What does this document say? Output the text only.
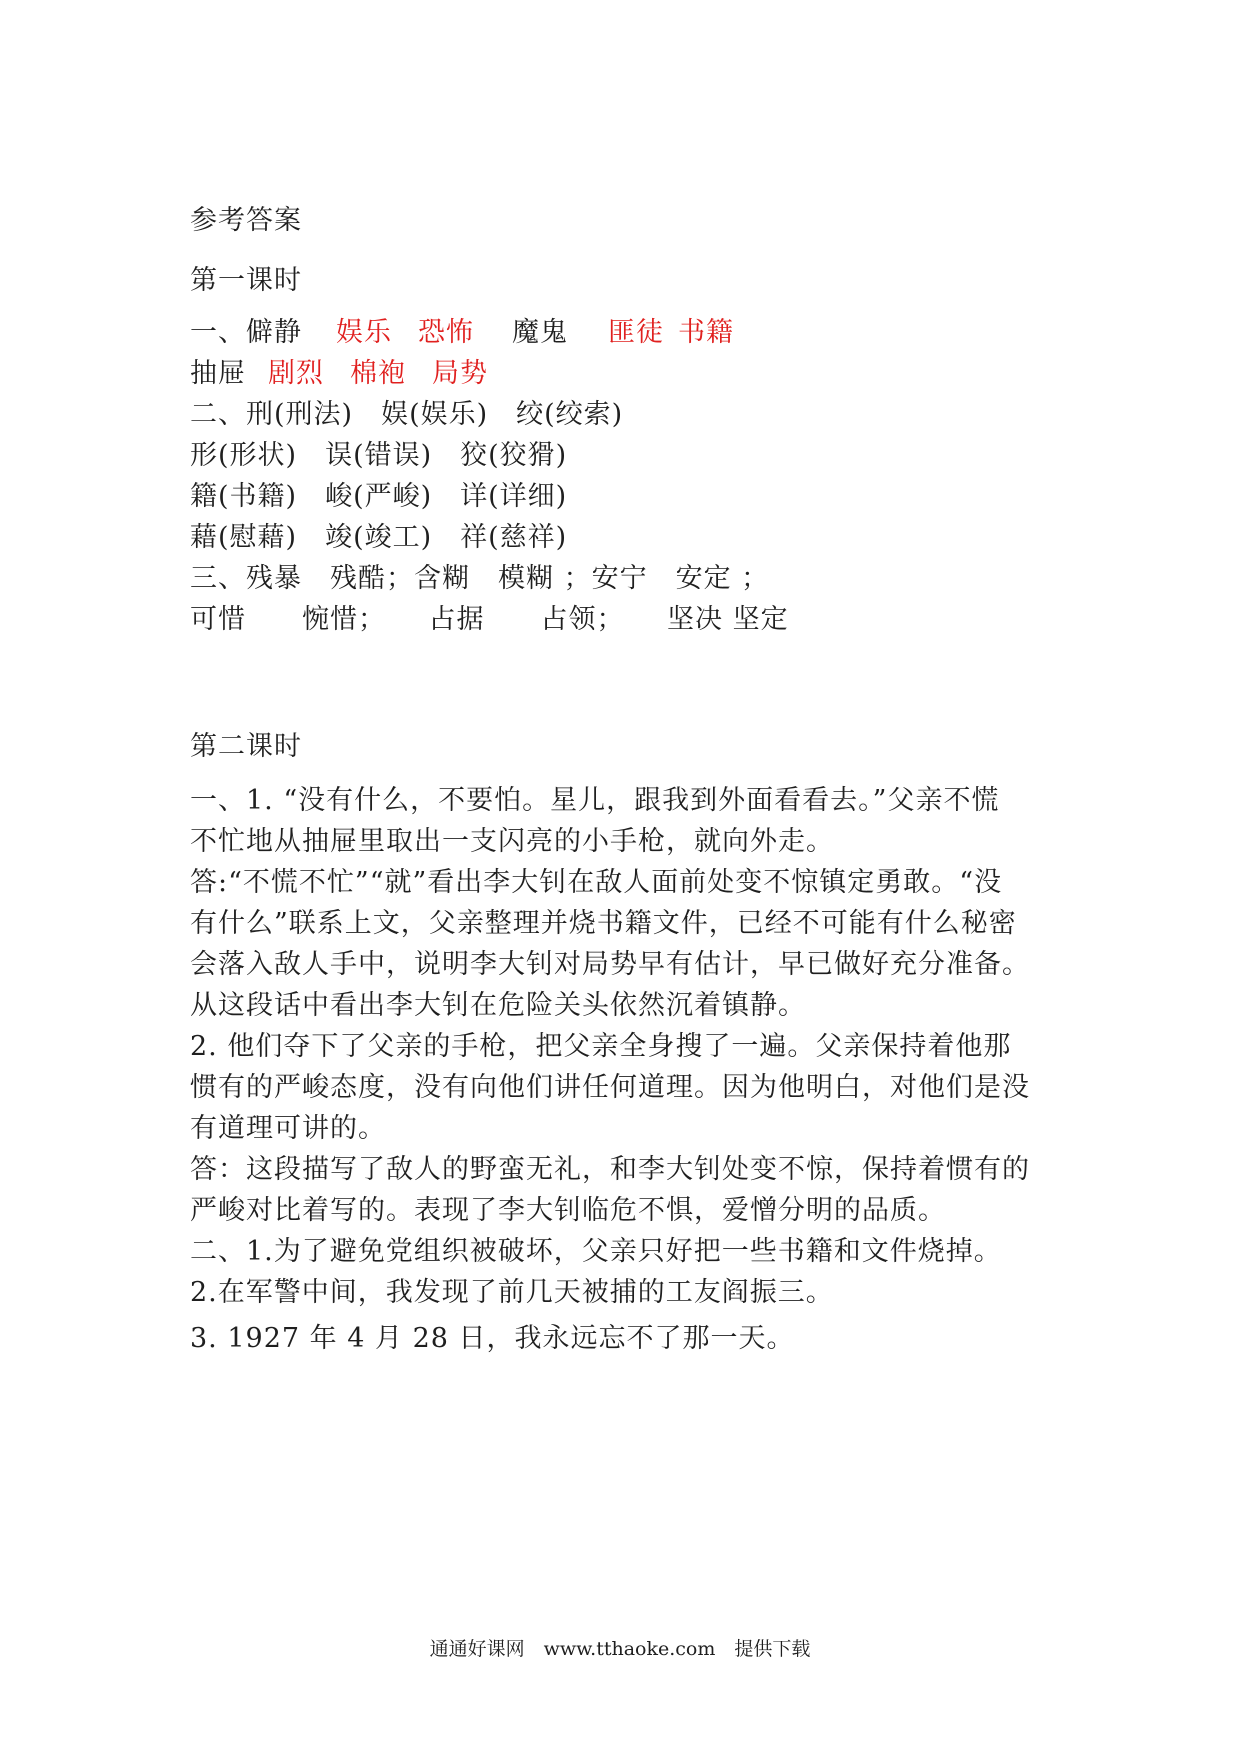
参考答案
第一课时
一、僻静 娱乐 恐怖 魔鬼 匪徒 书籍
抽屉 剧烈 棉袍 局势
二、刑(刑法)　娱(娱乐)　绞(绞索)
形(形状)　误(错误)　狡(狡猾)
籍(书籍)　峻(严峻)　详(详细)
藉(慰藉)　竣(竣工)　祥(慈祥)
三、残暴　残酷；含糊　模糊 ；安宁　安定 ；
可惜　　惋惜；　　占据　　占领；　　坚决 坚定
第二课时
一、1. “没有什么，不要怕。星儿，跟我到外面看看去。”父亲不慌
不忙地从抽屉里取出一支闪亮的小手枪，就向外走。
答:“不慌不忙”“就”看出李大钊在敌人面前处变不惊镇定勇敢。“没
有什么”联系上文，父亲整理并烧书籍文件，已经不可能有什么秘密
会落入敌人手中，说明李大钊对局势早有估计，早已做好充分准备。
从这段话中看出李大钊在危险关头依然沉着镇静。
2. 他们夺下了父亲的手枪，把父亲全身搜了一遍。父亲保持着他那
惯有的严峻态度，没有向他们讲任何道理。因为他明白，对他们是没
有道理可讲的。
答：这段描写了敌人的野蛮无礼，和李大钊处变不惊，保持着惯有的
严峻对比着写的。表现了李大钊临危不惧，爱憎分明的品质。
二、1.为了避免党组织被破坏，父亲只好把一些书籍和文件烧掉。
2.在军警中间，我发现了前几天被捕的工友阎振三。
3. 1927 年 4 月 28 日，我永远忘不了那一天。
通通好课网　www.tthaoke.com　提供下载
